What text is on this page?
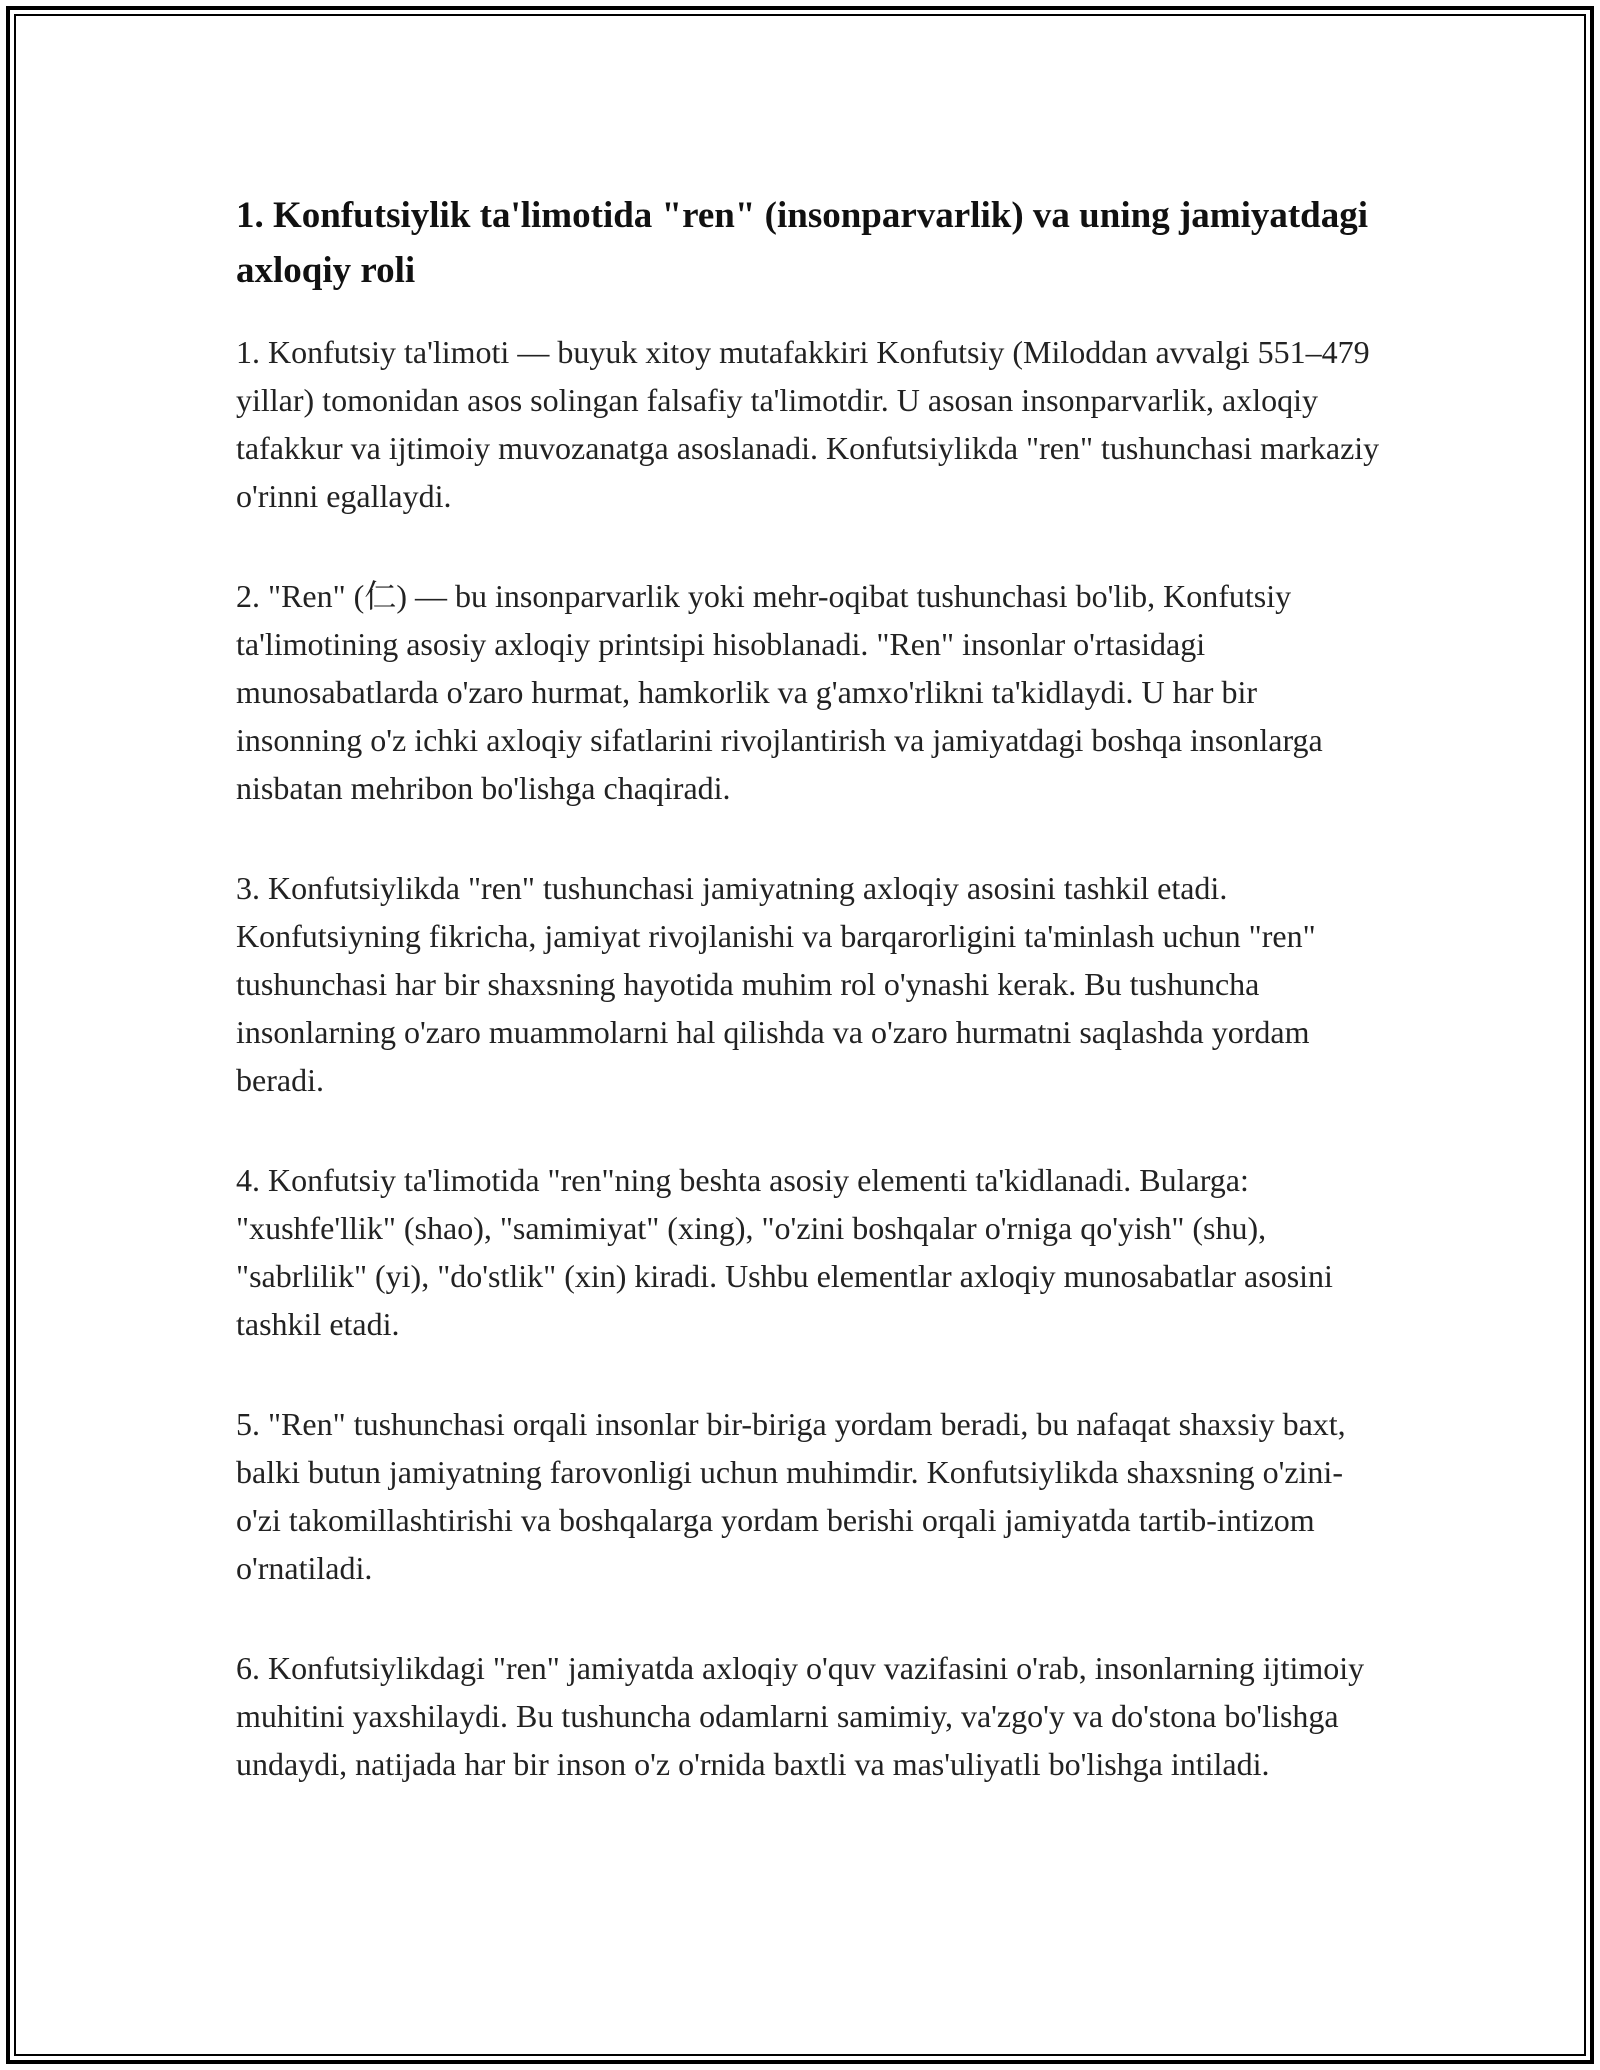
1. Konfutsiylik ta'limotida "ren" (insonparvarlik) va uning jamiyatdagi axloqiy roli

1. Konfutsiy ta'limoti — buyuk xitoy mutafakkiri Konfutsiy (Miloddan avvalgi 551–479 yillar) tomonidan asos solingan falsafiy ta'limotdir. U asosan insonparvarlik, axloqiy tafakkur va ijtimoiy muvozanatga asoslanadi. Konfutsiylikda "ren" tushunchasi markaziy o'rinni egallaydi.

2. "Ren" (仁) — bu insonparvarlik yoki mehr-oqibat tushunchasi bo'lib, Konfutsiy ta'limotining asosiy axloqiy printsipi hisoblanadi. "Ren" insonlar o'rtasidagi munosabatlarda o'zaro hurmat, hamkorlik va g'amxo'rlikni ta'kidlaydi. U har bir insonning o'z ichki axloqiy sifatlarini rivojlantirish va jamiyatdagi boshqa insonlarga nisbatan mehribon bo'lishga chaqiradi.

3. Konfutsiylikda "ren" tushunchasi jamiyatning axloqiy asosini tashkil etadi. Konfutsiyning fikricha, jamiyat rivojlanishi va barqarorligini ta'minlash uchun "ren" tushunchasi har bir shaxsning hayotida muhim rol o'ynashi kerak. Bu tushuncha insonlarning o'zaro muammolarni hal qilishda va o'zaro hurmatni saqlashda yordam beradi.

4. Konfutsiy ta'limotida "ren"ning beshta asosiy elementi ta'kidlanadi. Bularga: "xushfe'llik" (shao), "samimiyat" (xing), "o'zini boshqalar o'rniga qo'yish" (shu), "sabrlilik" (yi), "do'stlik" (xin) kiradi. Ushbu elementlar axloqiy munosabatlar asosini tashkil etadi.

5. "Ren" tushunchasi orqali insonlar bir-biriga yordam beradi, bu nafaqat shaxsiy baxt, balki butun jamiyatning farovonligi uchun muhimdir. Konfutsiylikda shaxsning o'zini-o'zi takomillashtirishi va boshqalarga yordam berishi orqali jamiyatda tartib-intizom o'rnatiladi.

6. Konfutsiylikdagi "ren" jamiyatda axloqiy o'quv vazifasini o'rab, insonlarning ijtimoiy muhitini yaxshilaydi. Bu tushuncha odamlarni samimiy, va'zgo'y va do'stona bo'lishga undaydi, natijada har bir inson o'z o'rnida baxtli va mas'uliyatli bo'lishga intiladi.
